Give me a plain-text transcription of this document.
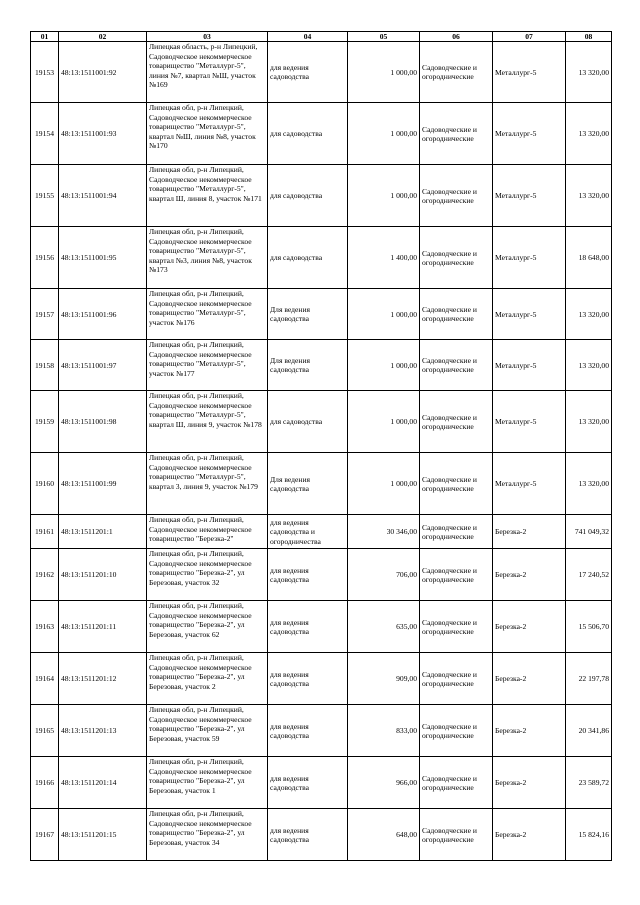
01	02	03	04	05	06	07	08
19153	48:13:1511001:92	Липецкая область, р-н Липецкий, Садоводческое некоммерческое товарищество "Металлург-5", линия №7, квартал №Ш, участок №169	для ведения садоводства	1 000,00	Садоводческие и огороднические	Металлург-5	13 320,00
19154	48:13:1511001:93	Липецкая обл, р-н Липецкий, Садоводческое некоммерческое товарищество "Металлург-5", квартал №Ш, линия №8, участок №170	для садоводства	1 000,00	Садоводческие и огороднические	Металлург-5	13 320,00
19155	48:13:1511001:94	Липецкая обл, р-н Липецкий, Садоводческое некоммерческое товарищество "Металлург-5", квартал Ш, линия 8, участок №171	для садоводства	1 000,00	Садоводческие и огороднические	Металлург-5	13 320,00
19156	48:13:1511001:95	Липецкая обл, р-н Липецкий, Садоводческое некоммерческое товарищество "Металлург-5", квартал №3, линия №8, участок №173	для садоводства	1 400,00	Садоводческие и огороднические	Металлург-5	18 648,00
19157	48:13:1511001:96	Липецкая обл, р-н Липецкий, Садоводческое некоммерческое товарищество "Металлург-5", участок №176	Для ведения садоводства	1 000,00	Садоводческие и огороднические	Металлург-5	13 320,00
19158	48:13:1511001:97	Липецкая обл, р-н Липецкий, Садоводческое некоммерческое товарищество "Металлург-5", участок №177	Для ведения садоводства	1 000,00	Садоводческие и огороднические	Металлург-5	13 320,00
19159	48:13:1511001:98	Липецкая обл, р-н Липецкий, Садоводческое некоммерческое товарищество "Металлург-5", квартал Ш, линия 9, участок №178	для садоводства	1 000,00	Садоводческие и огороднические	Металлург-5	13 320,00
19160	48:13:1511001:99	Липецкая обл, р-н Липецкий, Садоводческое некоммерческое товарищество "Металлург-5", квартал 3, линия 9, участок №179	Для ведения садоводства	1 000,00	Садоводческие и огороднические	Металлург-5	13 320,00
19161	48:13:1511201:1	Липецкая обл, р-н Липецкий, Садоводческое некоммерческое товарищество "Березка-2"	для ведения садоводства и огородничества	30 346,00	Садоводческие и огороднические	Березка-2	741 049,32
19162	48:13:1511201:10	Липецкая обл, р-н Липецкий, Садоводческое некоммерческое товарищество "Березка-2", ул Березовая, участок 32	для ведения садоводства	706,00	Садоводческие и огороднические	Березка-2	17 240,52
19163	48:13:1511201:11	Липецкая обл, р-н Липецкий, Садоводческое некоммерческое товарищество "Березка-2", ул Березовая, участок 62	для ведения садоводства	635,00	Садоводческие и огороднические	Березка-2	15 506,70
19164	48:13:1511201:12	Липецкая обл, р-н Липецкий, Садоводческое некоммерческое товарищество "Березка-2", ул Березовая, участок 2	для ведения садоводства	909,00	Садоводческие и огороднические	Березка-2	22 197,78
19165	48:13:1511201:13	Липецкая обл, р-н Липецкий, Садоводческое некоммерческое товарищество "Березка-2", ул Березовая, участок 59	для ведения садоводства	833,00	Садоводческие и огороднические	Березка-2	20 341,86
19166	48:13:1511201:14	Липецкая обл, р-н Липецкий, Садоводческое некоммерческое товарищество "Березка-2", ул Березовая, участок 1	для ведения садоводства	966,00	Садоводческие и огороднические	Березка-2	23 589,72
19167	48:13:1511201:15	Липецкая обл, р-н Липецкий, Садоводческое некоммерческое товарищество "Березка-2", ул Березовая, участок 34	для ведения садоводства	648,00	Садоводческие и огороднические	Березка-2	15 824,16
